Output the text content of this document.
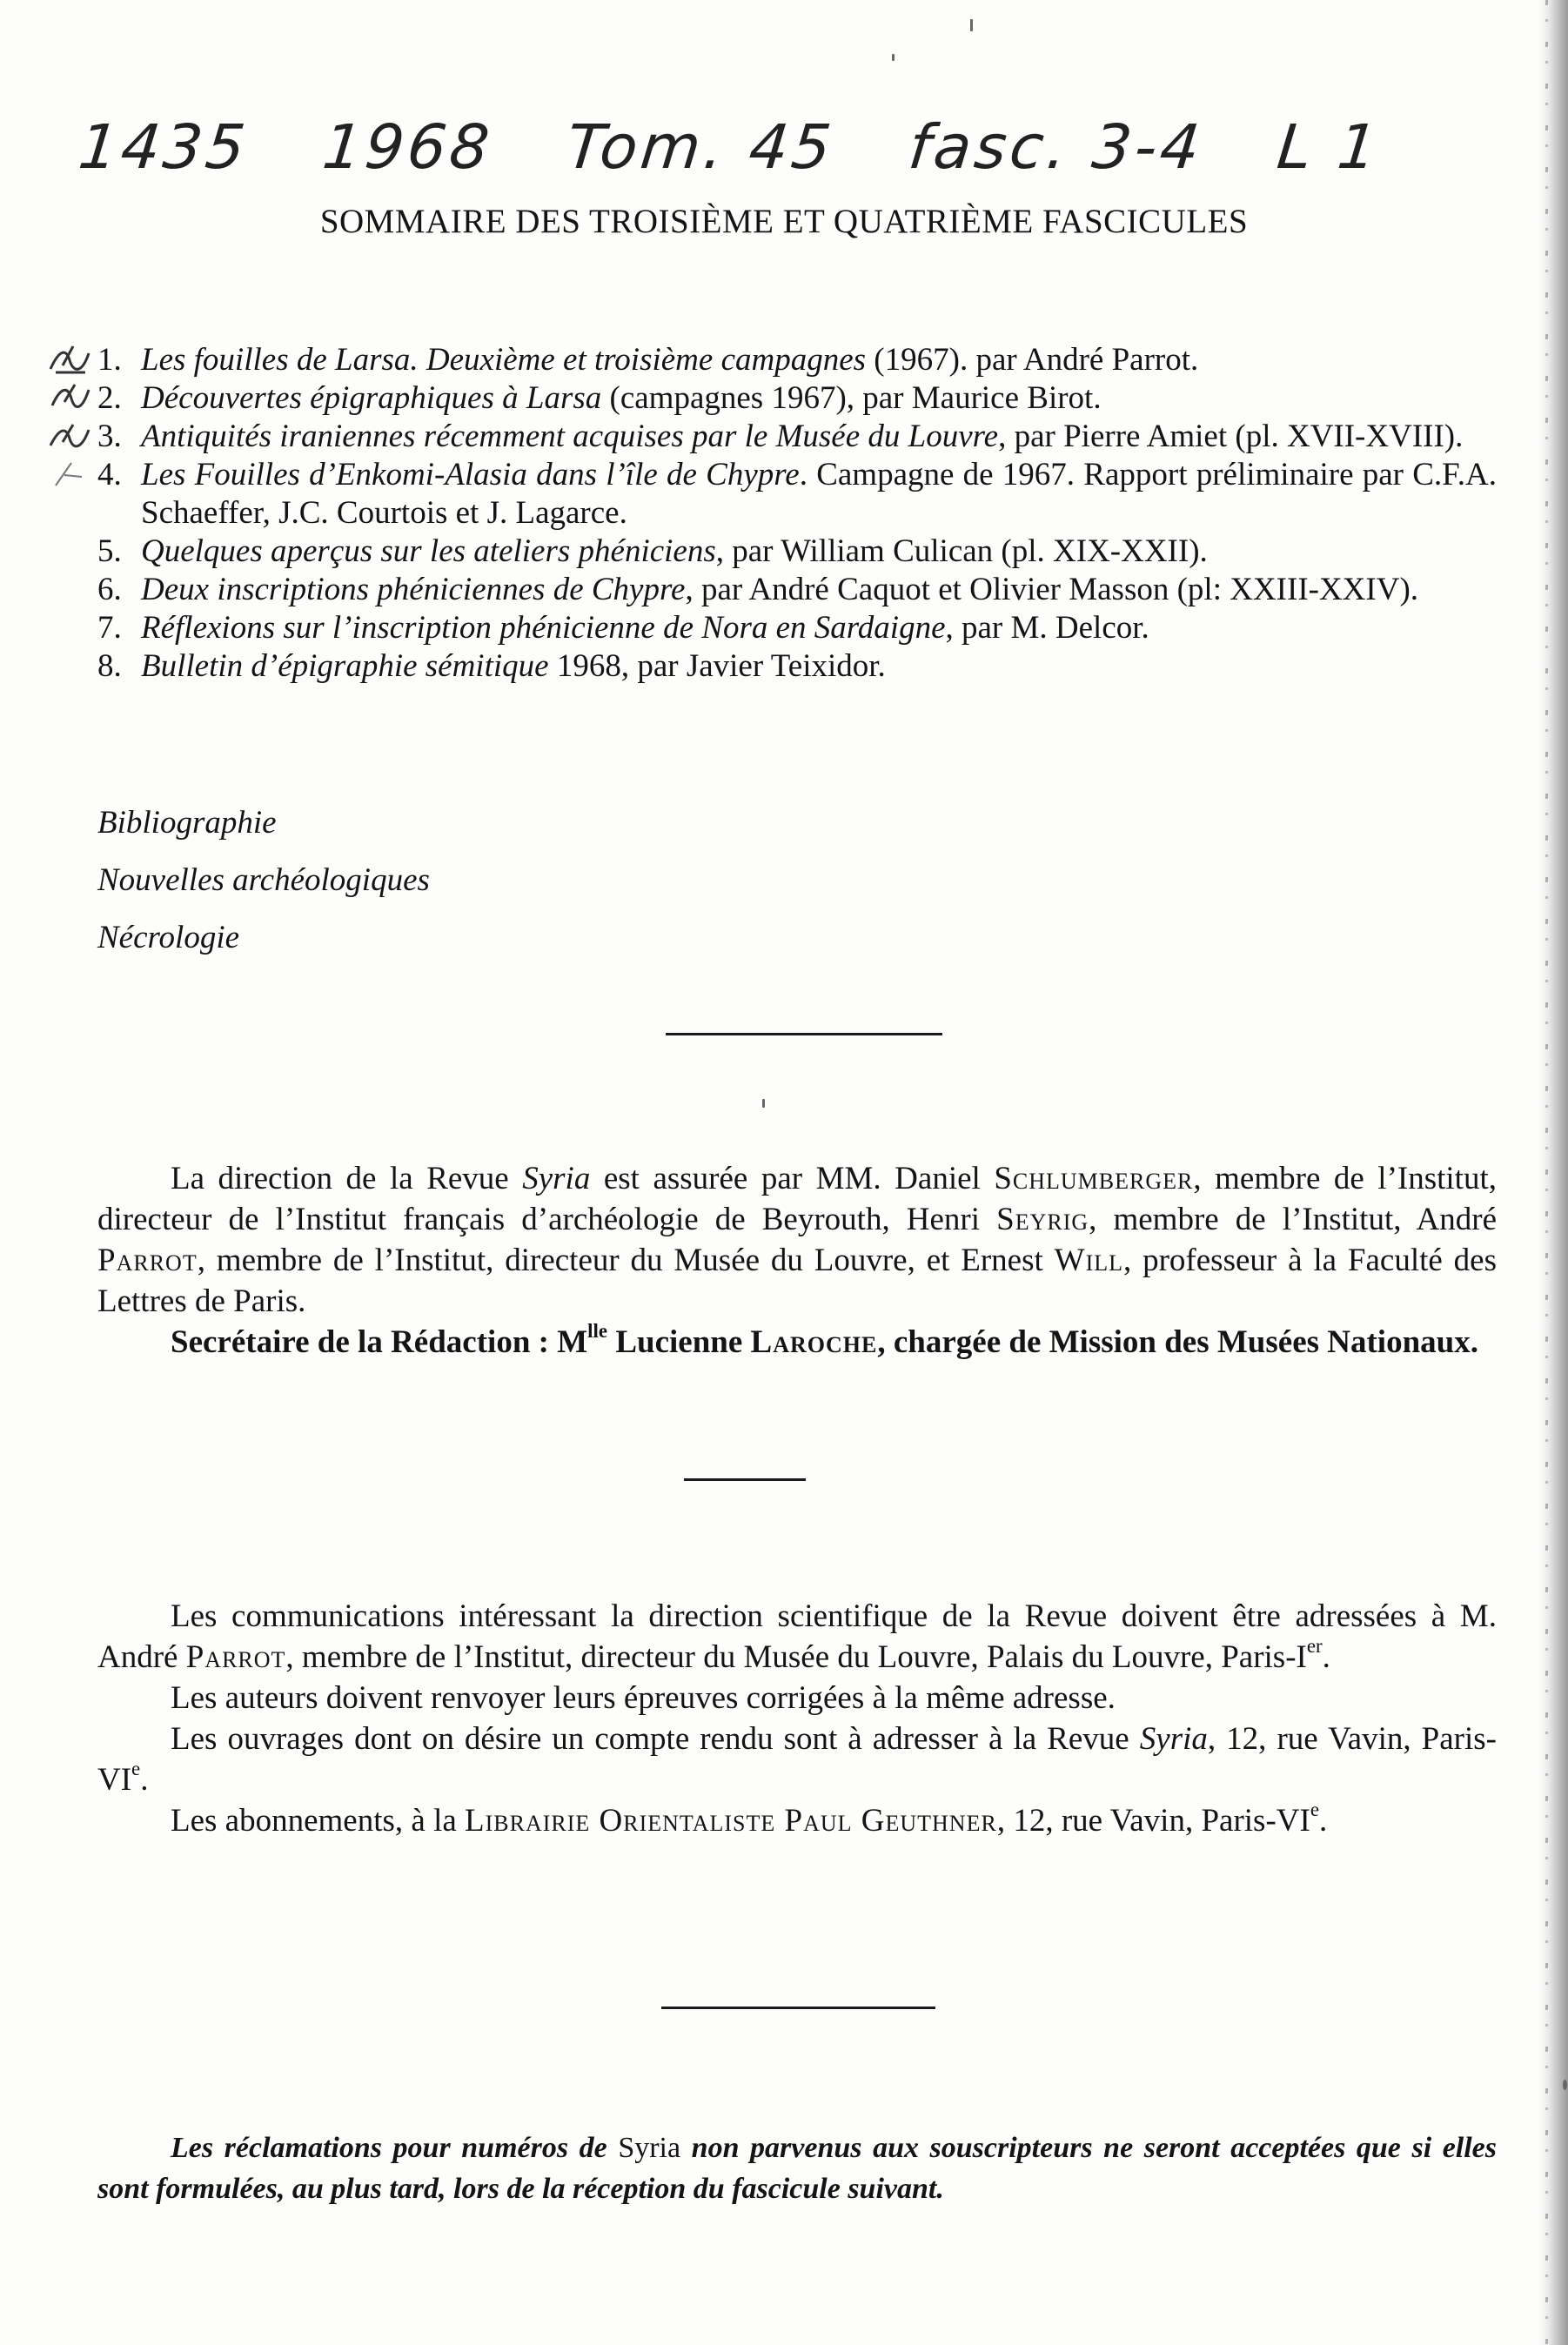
1435 1968 Tom. 45 fasc. 3-4 L 1
SOMMAIRE DES TROISIÈME ET QUATRIÈME FASCICULES
1. Les fouilles de Larsa. Deuxième et troisième campagnes (1967). par André Parrot.
2. Découvertes épigraphiques à Larsa (campagnes 1967), par Maurice Birot.
3. Antiquités iraniennes récemment acquises par le Musée du Louvre, par Pierre Amiet (pl. XVII-XVIII).
4. Les Fouilles d’Enkomi-Alasia dans l’île de Chypre. Campagne de 1967. Rapport préliminaire par C.F.A. Schaeffer, J.C. Courtois et J. Lagarce.
5. Quelques aperçus sur les ateliers phéniciens, par William Culican (pl. XIX-XXII).
6. Deux inscriptions phéniciennes de Chypre, par André Caquot et Olivier Masson (pl: XXIII-XXIV).
7. Réflexions sur l’inscription phénicienne de Nora en Sardaigne, par M. Delcor.
8. Bulletin d’épigraphie sémitique 1968, par Javier Teixidor.
Bibliographie
Nouvelles archéologiques
Nécrologie

La direction de la Revue Syria est assurée par MM. Daniel Schlumberger, membre de l’Institut, directeur de l’Institut français d’archéologie de Beyrouth, Henri Seyrig, membre de l’Institut, André Parrot, membre de l’Institut, directeur du Musée du Louvre, et Ernest Will, professeur à la Faculté des Lettres de Paris.

Secrétaire de la Rédaction : $M^{lle}$ Lucienne Laroche, chargée de Mission des Musées Nationaux.

Les communications intéressant la direction scientifique de la Revue doivent être adressées à M. André Parrot, membre de l’Institut, directeur du Musée du Louvre, Palais du Louvre, Paris-Ier.

Les auteurs doivent renvoyer leurs épreuves corrigées à la même adresse.

Les ouvrages dont on désire un compte rendu sont à adresser à la Revue Syria, 12, rue Vavin, Paris-VIe.

Les abonnements, à la Librairie Orientaliste Paul Geuthner, 12, rue Vavin, Paris-VIe.

Les réclamations pour numéros de Syria non parvenus aux souscripteurs ne seront acceptées que si elles sont formulées, au plus tard, lors de la réception du fascicule suivant.
